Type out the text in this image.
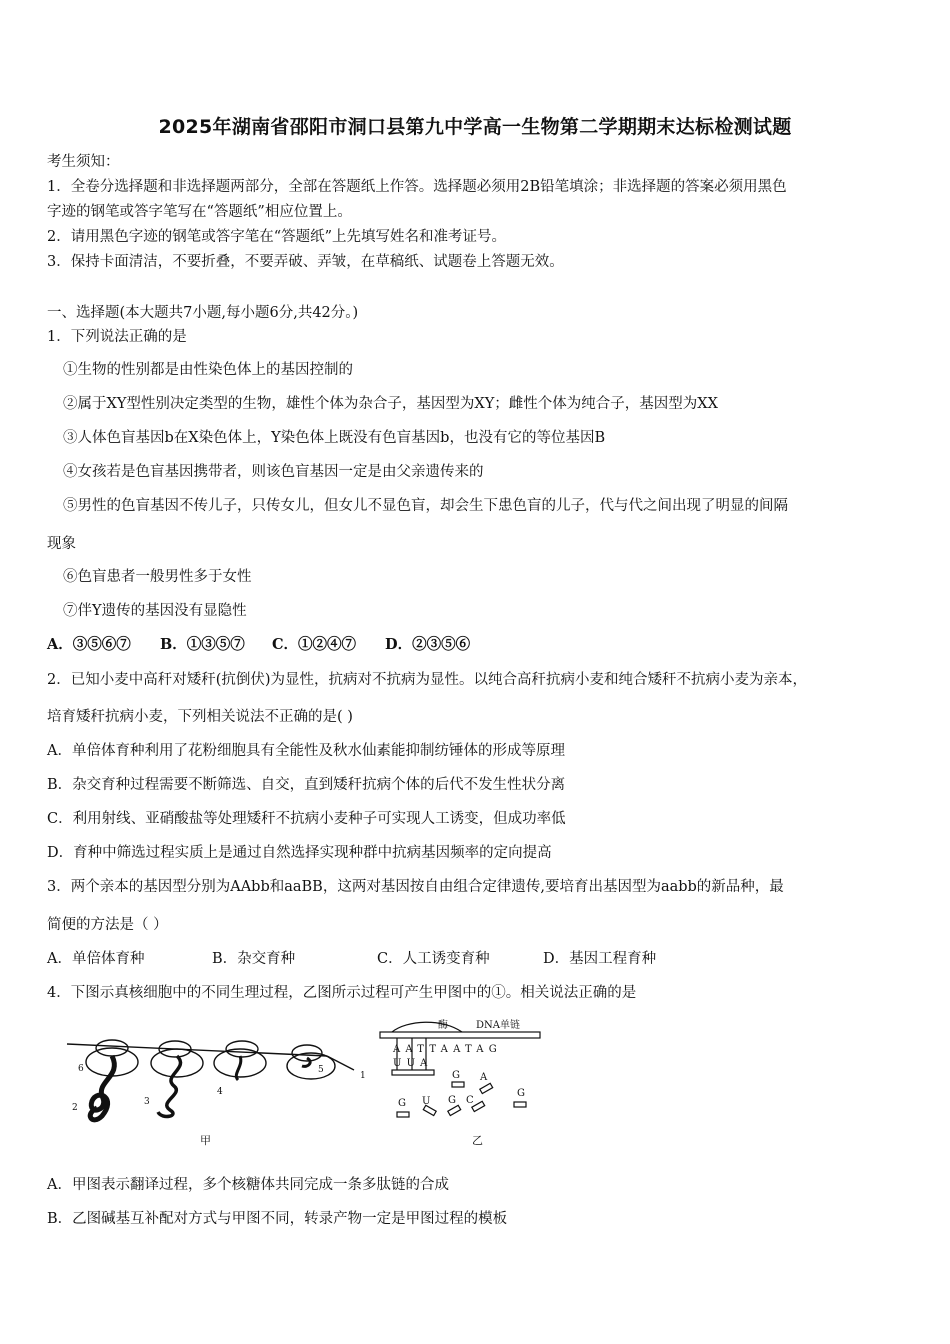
2025年湖南省邵阳市洞口县第九中学高一生物第二学期期末达标检测试题
考生须知：
1．全卷分选择题和非选择题两部分，全部在答题纸上作答。选择题必须用2B铅笔填涂；非选择题的答案必须用黑色
字迹的钢笔或答字笔写在“答题纸”相应位置上。
2．请用黑色字迹的钢笔或答字笔在“答题纸”上先填写姓名和准考证号。
3．保持卡面清洁，不要折叠，不要弄破、弄皱，在草稿纸、试题卷上答题无效。
一、选择题(本大题共7小题,每小题6分,共42分。)
1．下列说法正确的是
①生物的性别都是由性染色体上的基因控制的
②属于XY型性别决定类型的生物，雄性个体为杂合子，基因型为XY；雌性个体为纯合子，基因型为XX
③人体色盲基因b在X染色体上，Y染色体上既没有色盲基因b，也没有它的等位基因B
④女孩若是色盲基因携带者，则该色盲基因一定是由父亲遗传来的
⑤男性的色盲基因不传儿子，只传女儿，但女儿不显色盲，却会生下患色盲的儿子，代与代之间出现了明显的间隔
现象
⑥色盲患者一般男性多于女性
⑦伴Y遗传的基因没有显隐性
A．③⑤⑥⑦ B．①③⑤⑦ C．①②④⑦ D．②③⑤⑥
2．已知小麦中高秆对矮秆(抗倒伏)为显性，抗病对不抗病为显性。以纯合高秆抗病小麦和纯合矮秆不抗病小麦为亲本，
培育矮秆抗病小麦，下列相关说法不正确的是( )
A．单倍体育种利用了花粉细胞具有全能性及秋水仙素能抑制纺锤体的形成等原理
B．杂交育种过程需要不断筛选、自交，直到矮秆抗病个体的后代不发生性状分离
C．利用射线、亚硝酸盐等处理矮秆不抗病小麦种子可实现人工诱变，但成功率低
D．育种中筛选过程实质上是通过自然选择实现种群中抗病基因频率的定向提高
3．两个亲本的基因型分别为AAbb和aaBB，这两对基因按自由组合定律遗传,要培育出基因型为aabb的新品种，最
简便的方法是（ ）
A．单倍体育种	B．杂交育种	C．人工诱变育种	D．基因工程育种
4．下图示真核细胞中的不同生理过程，乙图所示过程可产生甲图中的①。相关说法正确的是
6
2
3
4
5
1
甲
酶	DNA单链
AATTAATAG
UUA
G A
G
G U G C
乙
A．甲图表示翻译过程，多个核糖体共同完成一条多肽链的合成
B．乙图碱基互补配对方式与甲图不同，转录产物一定是甲图过程的模板
